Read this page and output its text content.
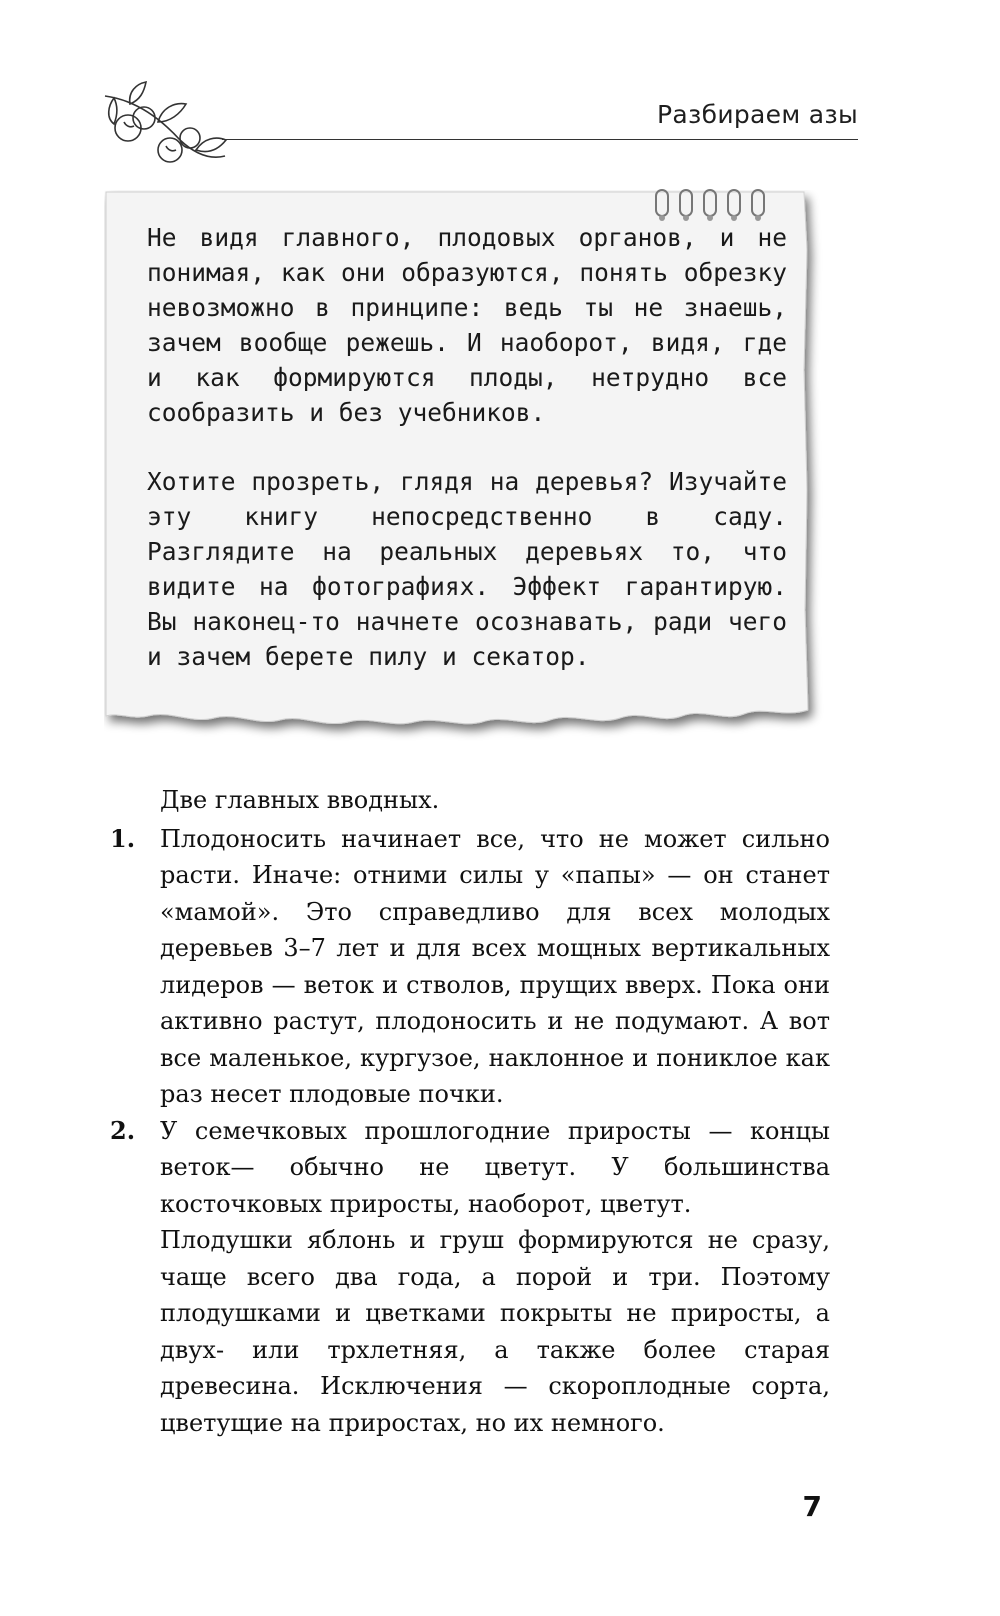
Разбираем азы

Не видя главного, плодовых органов, и не понимая, как они образуются, понять обрезку невозможно в принципе: ведь ты не знаешь, зачем вообще режешь. И наоборот, видя, где и как формируются плоды, нетрудно все сообразить и без учебников.

Хотите прозреть, глядя на деревья? Изучайте эту книгу непосредственно в саду. Разглядите на реальных деревьях то, что видите на фотографиях. Эффект гарантирую. Вы наконец-то начнете осознавать, ради чего и зачем берете пилу и секатор.

Две главных вводных.
1. Плодоносить начинает все, что не может сильно расти. Иначе: отними силы у «папы» — он станет «мамой». Это справедливо для всех молодых деревьев 3–7 лет и для всех мощных вертикальных лидеров — веток и стволов, прущих вверх. Пока они активно растут, плодоносить и не подумают. А вот все маленькое, кургузое, наклонное и пониклое как раз несет плодовые почки.

2. У семечковых прошлогодние приросты — концы веток— обычно не цветут. У большинства косточковых приросты, наоборот, цветут.

Плодушки яблонь и груш формируются не сразу, чаще всего два года, а порой и три. Поэтому плодушками и цветками покрыты не приросты, а двух- или трхлетняя, а также более старая древесина. Исключения — скороплодные сорта, цветущие на приростах, но их немного.

7
